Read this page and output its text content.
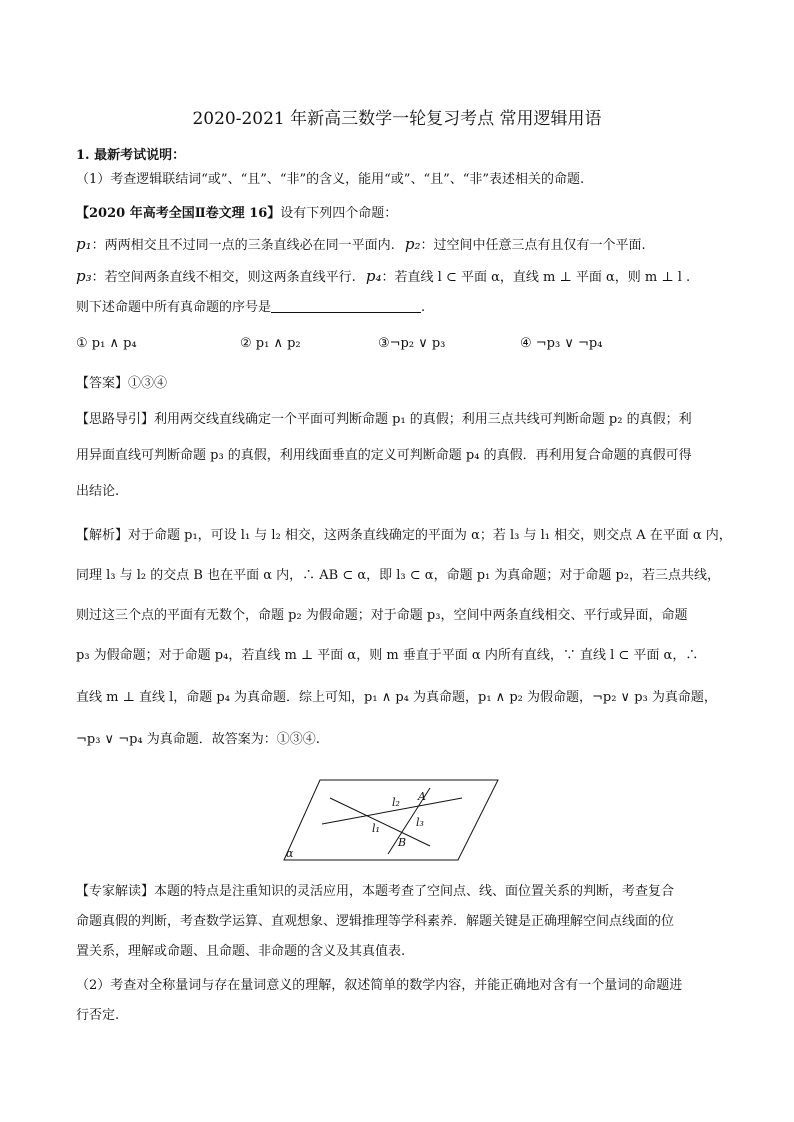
2020-2021 年新高三数学一轮复习考点 常用逻辑用语
1. 最新考试说明：
（1）考查逻辑联结词“或”、“且”、“非”的含义，能用“或”、“且”、“非”表述相关的命题.
【2020 年高考全国Ⅱ卷文理 16】设有下列四个命题：
p₁：两两相交且不过同一点的三条直线必在同一平面内. p₂：过空间中任意三点有且仅有一个平面.
p₃：若空间两条直线不相交，则这两条直线平行. p₄：若直线 l ⊂ 平面 α，直线 m ⊥ 平面 α，则 m ⊥ l .
则下述命题中所有真命题的序号是	.
① p₁ ∧ p₄	② p₁ ∧ p₂	③¬p₂ ∨ p₃	④ ¬p₃ ∨ ¬p₄
【答案】①③④
【思路导引】利用两交线直线确定一个平面可判断命题 p₁ 的真假；利用三点共线可判断命题 p₂ 的真假；利
用异面直线可判断命题 p₃ 的真假，利用线面垂直的定义可判断命题 p₄ 的真假．再利用复合命题的真假可得
出结论.
【解析】对于命题 p₁，可设 l₁ 与 l₂ 相交，这两条直线确定的平面为 α；若 l₃ 与 l₁ 相交，则交点 A 在平面 α 内，
同理 l₃ 与 l₂ 的交点 B 也在平面 α 内，∴ AB ⊂ α，即 l₃ ⊂ α，命题 p₁ 为真命题；对于命题 p₂，若三点共线，
则过这三个点的平面有无数个，命题 p₂ 为假命题；对于命题 p₃，空间中两条直线相交、平行或异面，命题
p₃ 为假命题；对于命题 p₄，若直线 m ⊥ 平面 α，则 m 垂直于平面 α 内所有直线，∵ 直线 l ⊂ 平面 α，∴
直线 m ⊥ 直线 l，命题 p₄ 为真命题．综上可知，p₁ ∧ p₄ 为真命题，p₁ ∧ p₂ 为假命题，¬p₂ ∨ p₃ 为真命题，
¬p₃ ∨ ¬p₄ 为真命题．故答案为：①③④.
l₂ A
l₁	l₃
B
α
【专家解读】本题的特点是注重知识的灵活应用，本题考查了空间点、线、面位置关系的判断，考查复合
命题真假的判断，考查数学运算、直观想象、逻辑推理等学科素养．解题关键是正确理解空间点线面的位
置关系，理解或命题、且命题、非命题的含义及其真值表.
（2）考查对全称量词与存在量词意义的理解，叙述简单的数学内容，并能正确地对含有一个量词的命题进
行否定.
